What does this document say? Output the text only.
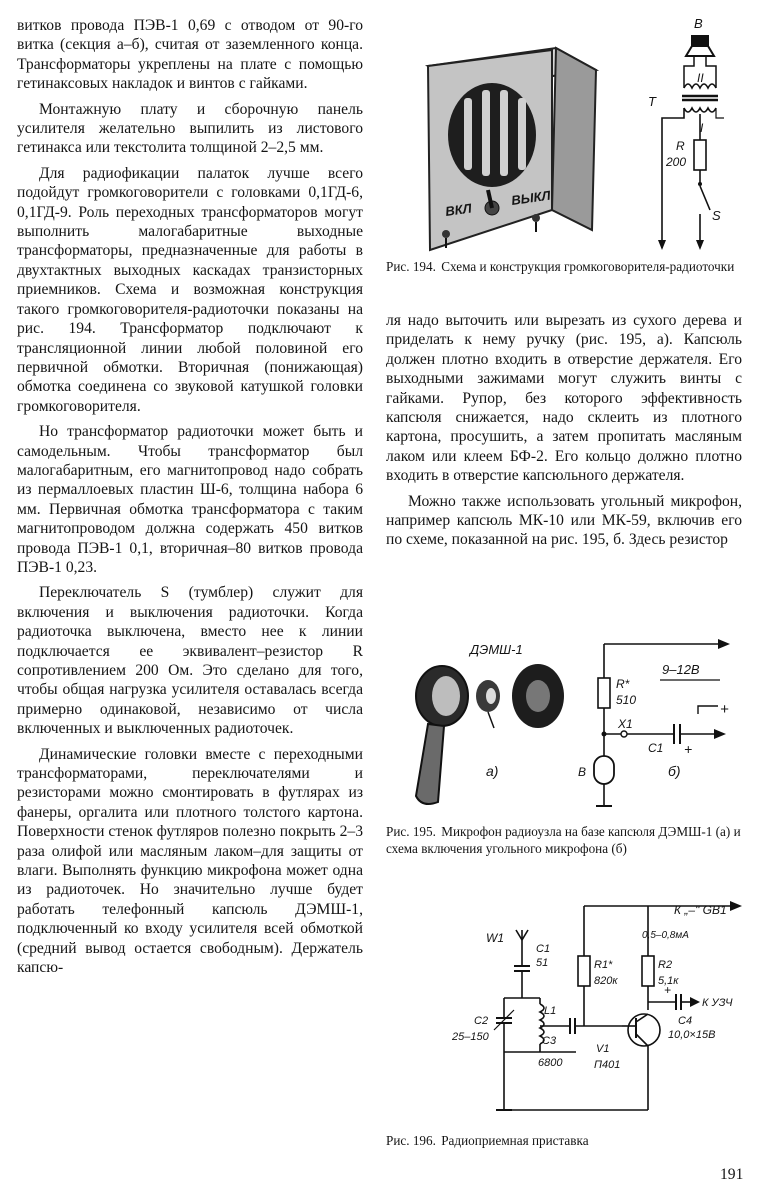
витков провода ПЭВ-1 0,69 с отводом от 90-го витка (секция а–б), считая от заземленного конца. Трансформаторы укреплены на плате с помощью гетинаксовых накладок и винтов с гайками.

Монтажную плату и сборочную панель усилителя желательно выпилить из листового гетинакса или текстолита толщиной 2–2,5 мм.

Для радиофикации палаток лучше всего подойдут громкоговорители с головками 0,1ГД-6, 0,1ГД-9. Роль переходных трансформаторов могут выполнить малогабаритные выходные трансформаторы, предназначенные для работы в двухтактных выходных каскадах транзисторных приемников. Схема и возможная конструкция такого громкоговорителя-радиоточки показаны на рис. 194. Трансформатор подключают к трансляционной линии любой половиной его первичной обмотки. Вторичная (понижающая) обмотка соединена со звуковой катушкой головки громкоговорителя.

Но трансформатор радиоточки может быть и самодельным. Чтобы трансформатор был малогабаритным, его магнитопровод надо собрать из пермаллоевых пластин Ш-6, толщина набора 6 мм. Первичная обмотка трансформатора с таким магнитопроводом должна содержать 450 витков провода ПЭВ-1 0,1, вторичная–80 витков провода ПЭВ-1 0,23.

Переключатель S (тумблер) служит для включения и выключения радиоточки. Когда радиоточка выключена, вместо нее к линии подключается ее эквивалент–резистор R сопротивлением 200 Ом. Это сделано для того, чтобы общая нагрузка усилителя оставалась всегда примерно одинаковой, независимо от числа включенных и выключенных радиоточек.

Динамические головки вместе с переходными трансформаторами, переключателями и резисторами можно смонтировать в футлярах из фанеры, оргалита или плотного толстого картона. Поверхности стенок футляров полезно покрыть 2–3 раза олифой или масляным лаком–для защиты от влаги. Выполнять функцию микрофона может одна из радиоточек. Но значительно лучше будет работать телефонный капсюль ДЭМШ-1, подключенный ко входу усилителя всей обмоткой (средний вывод остается свободным). Держатель капсю-

ВКЛ
ВЫКЛ
B
II
T
I
R
200
S
Рис. 194. Схема и конструкция громкоговорителя-радиоточки

ля надо выточить или вырезать из сухого дерева и приделать к нему ручку (рис. 195, а). Капсюль должен плотно входить в отверстие держателя. Его выходными зажимами могут служить винты с гайками. Рупор, без которого эффективность капсюля снижается, надо склеить из плотного картона, просушить, а затем пропитать масляным лаком или клеем БФ-2. Его кольцо должно плотно входить в отверстие капсюльного держателя.

Можно также использовать угольный микрофон, например капсюль МК-10 или МК-59, включив его по схеме, показанной на рис. 195, б. Здесь резистор

ДЭМШ-1
а)
R*
510
9–12В
X1
C1 +
+
B	б)
Рис. 195. Микрофон радиоузла на базе капсюля ДЭМШ-1 (а) и схема включения угольного микрофона (б)
W1
C1
51
C2
25–150
L1
C3
6800
К „–" GB1
0,5–0,8мА
R1*
820к
R2
5,1к
V1
П401
+
C4
10,0×15В
К УЗЧ
Рис. 196. Радиоприемная приставка
191
